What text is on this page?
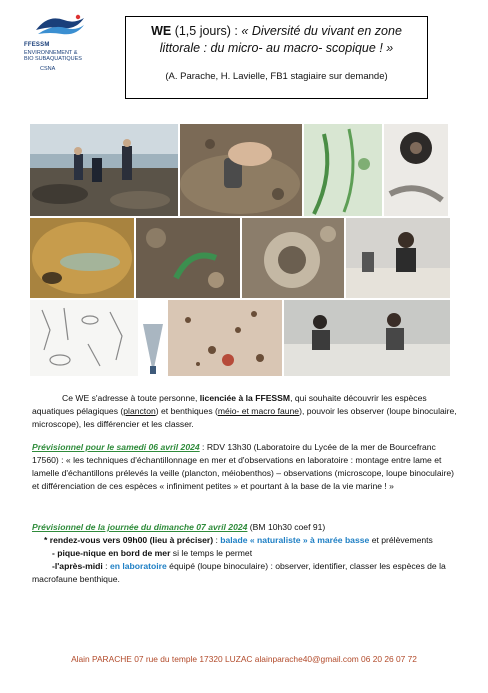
FFESSM
ENVIRONNEMENT &
BIO SUBAQUATIQUES
CSNA
WE (1,5 jours) : « Diversité du vivant en zone
littorale : du micro- au macro- scopique ! »
(A. Parache, H. Lavielle, FB1 stagiaire sur demande)
Ce WE s'adresse à toute personne, licenciée à la FFESSM, qui souhaite découvrir les espèces aquatiques pélagiques (plancton) et benthiques (méio- et macro faune), pouvoir les observer (loupe binoculaire, microscope), les différencier et les classer.
Prévisionnel pour le samedi 06 avril 2024 : RDV 13h30 (Laboratoire du Lycée de la mer de Bourcefranc 17560) : « les techniques d'échantillonnage en mer et d'observations en laboratoire : montage entre lame et lamelle d'échantillons prélevés la veille (plancton, méiobenthos) – observations (microscope, loupe binoculaire) et différenciation de ces espèces « infiniment petites » et pourtant à la base de la vie marine ! »
Prévisionnel de la journée du dimanche 07 avril 2024 (BM 10h30 coef 91)
* rendez-vous vers 09h00 (lieu à préciser) : balade « naturaliste » à marée basse et prélèvements
- pique-nique en bord de mer si le temps le permet
-l'après-midi : en laboratoire équipé (loupe binoculaire) : observer, identifier, classer les espèces de la macrofaune benthique.
Alain PARACHE 07 rue du temple 17320 LUZAC alainparache40@gmail.com 06 20 26 07 72
